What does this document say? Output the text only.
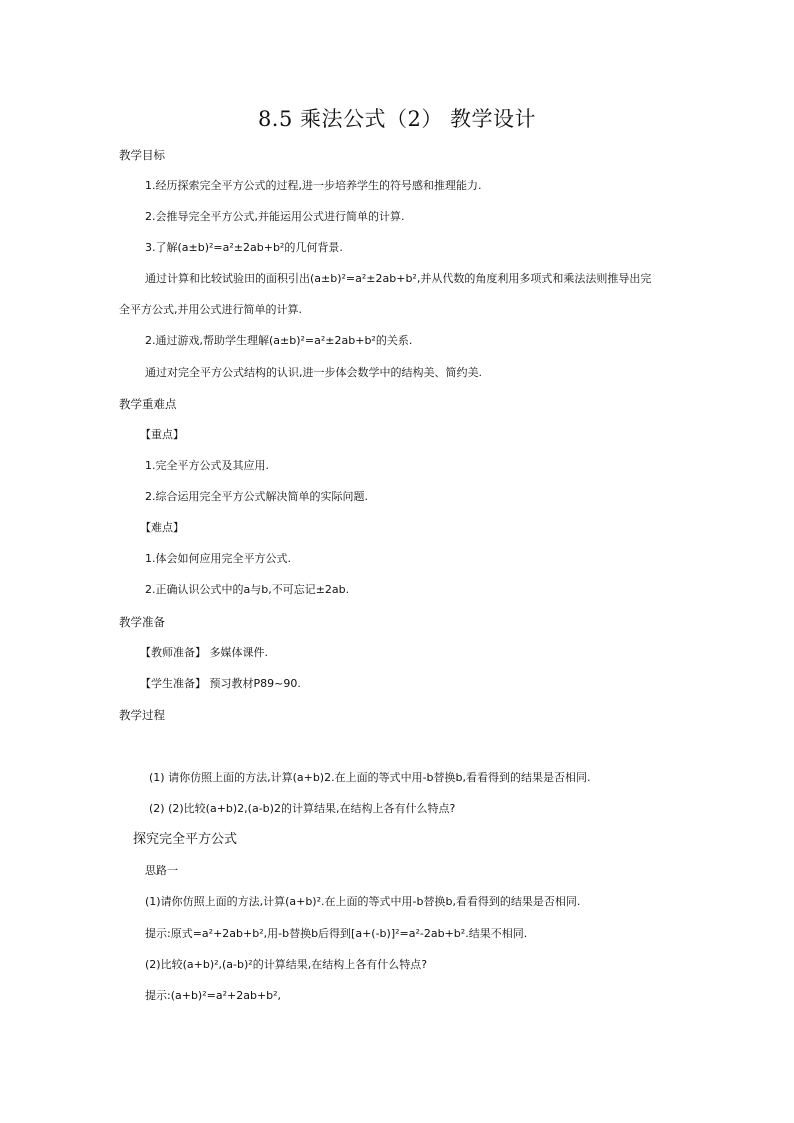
8.5 乘法公式（2） 教学设计
教学目标
1.经历探索完全平方公式的过程,进一步培养学生的符号感和推理能力.
2.会推导完全平方公式,并能运用公式进行简单的计算.
3.了解(a±b)²=a²±2ab+b²的几何背景.
通过计算和比较试验田的面积引出(a±b)²=a²±2ab+b²,并从代数的角度利用多项式和乘法法则推导出完
全平方公式,并用公式进行简单的计算.
2.通过游戏,帮助学生理解(a±b)²=a²±2ab+b²的关系.
通过对完全平方公式结构的认识,进一步体会数学中的结构美、简约美.
教学重难点
【重点】
1.完全平方公式及其应用.
2.综合运用完全平方公式解决简单的实际问题.
【难点】
1.体会如何应用完全平方公式.
2.正确认识公式中的a与b,不可忘记±2ab.
教学准备
【教师准备】 多媒体课件.
【学生准备】 预习教材P89~90.
教学过程
(1) 请你仿照上面的方法,计算(a+b)2.在上面的等式中用-b替换b,看看得到的结果是否相同.
(2) (2)比较(a+b)2,(a-b)2的计算结果,在结构上各有什么特点?
探究完全平方公式
思路一
(1)请你仿照上面的方法,计算(a+b)².在上面的等式中用-b替换b,看看得到的结果是否相同.
提示:原式=a²+2ab+b²,用-b替换b后得到[a+(-b)]²=a²-2ab+b².结果不相同.
(2)比较(a+b)²,(a-b)²的计算结果,在结构上各有什么特点?
提示:(a+b)²=a²+2ab+b²,
